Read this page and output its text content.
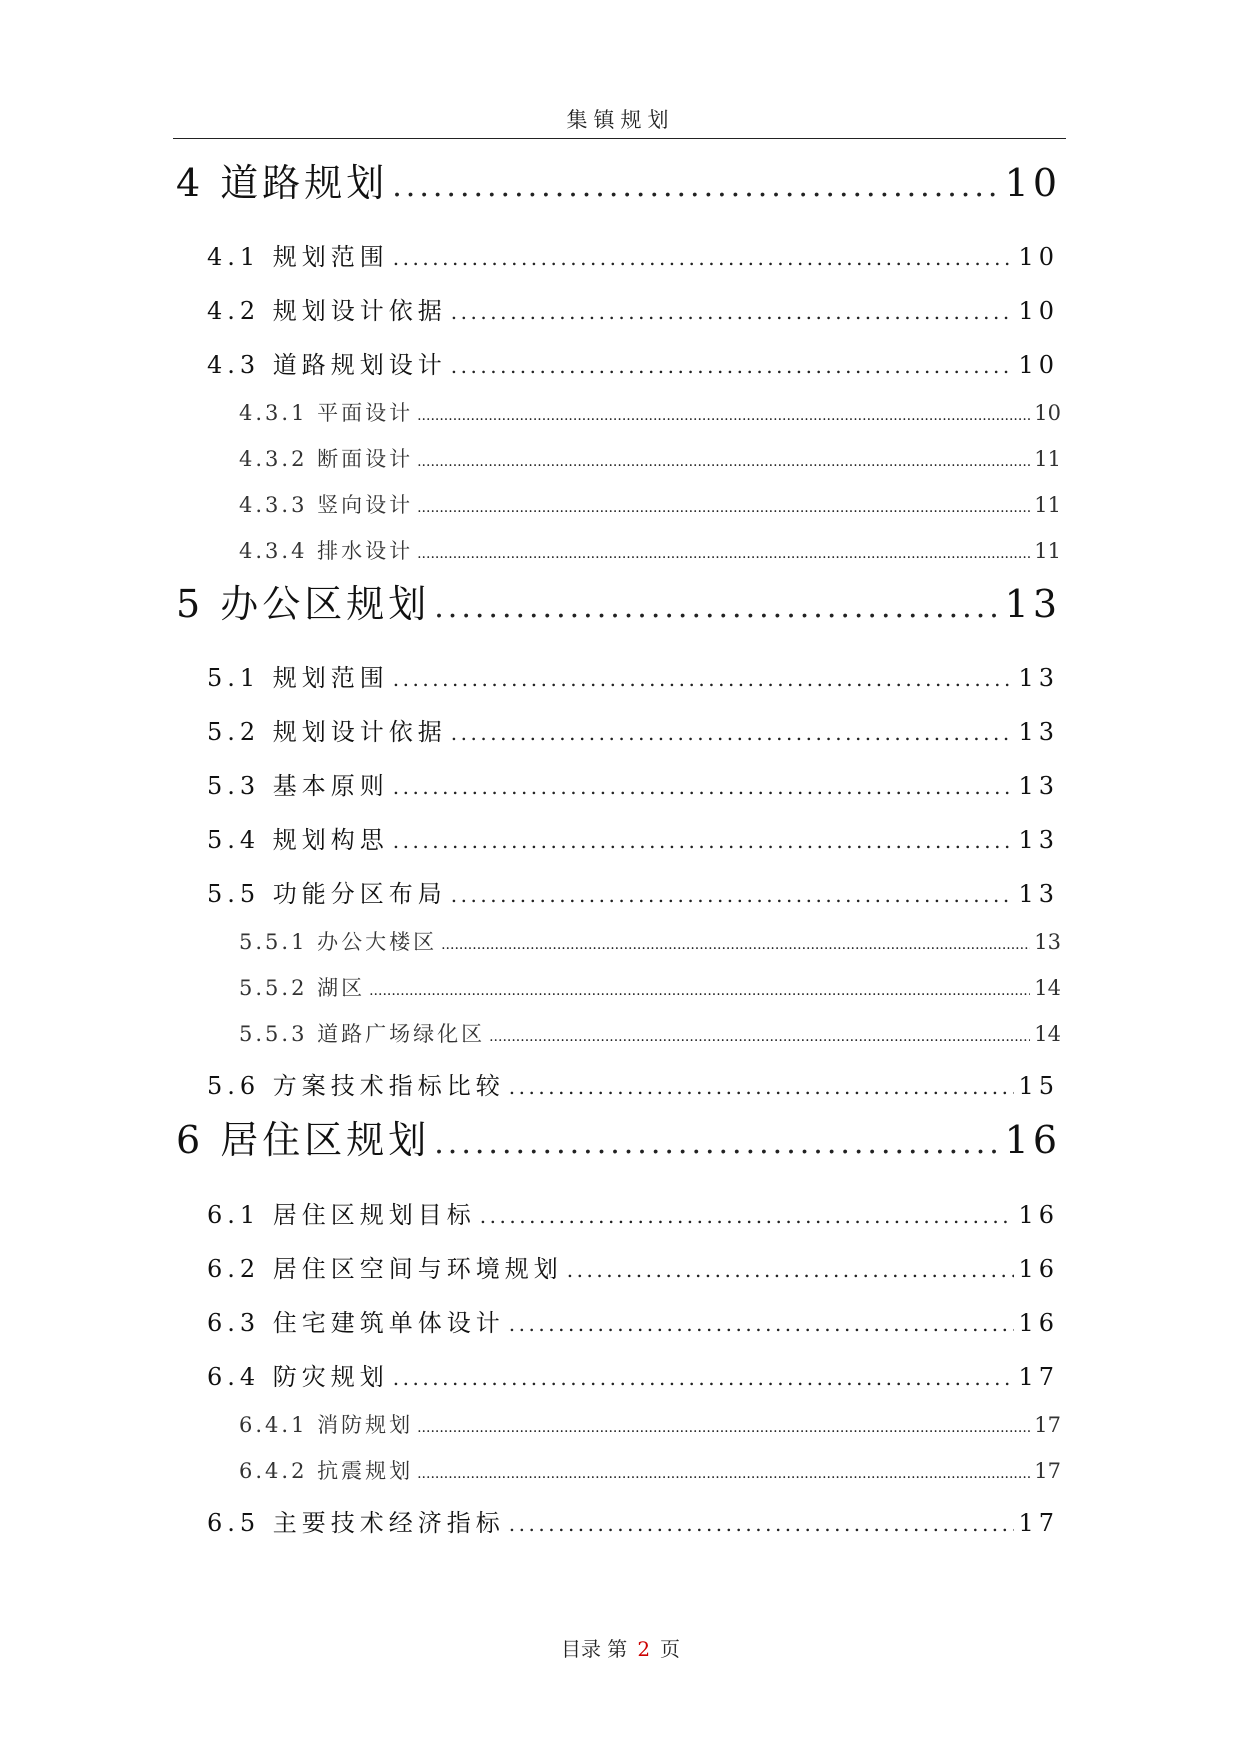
集镇规划
4 道路规划 .....	10
4.1 规划范围 .....	10
4.2 规划设计依据 .....	10
4.3 道路规划设计 .....	10
4.3.1 平面设计 .....	10
4.3.2 断面设计 .....	11
4.3.3 竖向设计 .....	11
4.3.4 排水设计 .....	11
5 办公区规划 .....	13
5.1 规划范围 .....	13
5.2 规划设计依据 .....	13
5.3 基本原则 .....	13
5.4 规划构思 .....	13
5.5 功能分区布局 .....	13
5.5.1 办公大楼区 .....	13
5.5.2 湖区 .....	14
5.5.3 道路广场绿化区 .....	14
5.6 方案技术指标比较 .....	15
6 居住区规划 .....	16
6.1 居住区规划目标 .....	16
6.2 居住区空间与环境规划 .....	16
6.3 住宅建筑单体设计 .....	16
6.4 防灾规划 .....	17
6.4.1 消防规划 .....	17
6.4.2 抗震规划 .....	17
6.5 主要技术经济指标 .....	17
目录 第 2 页
